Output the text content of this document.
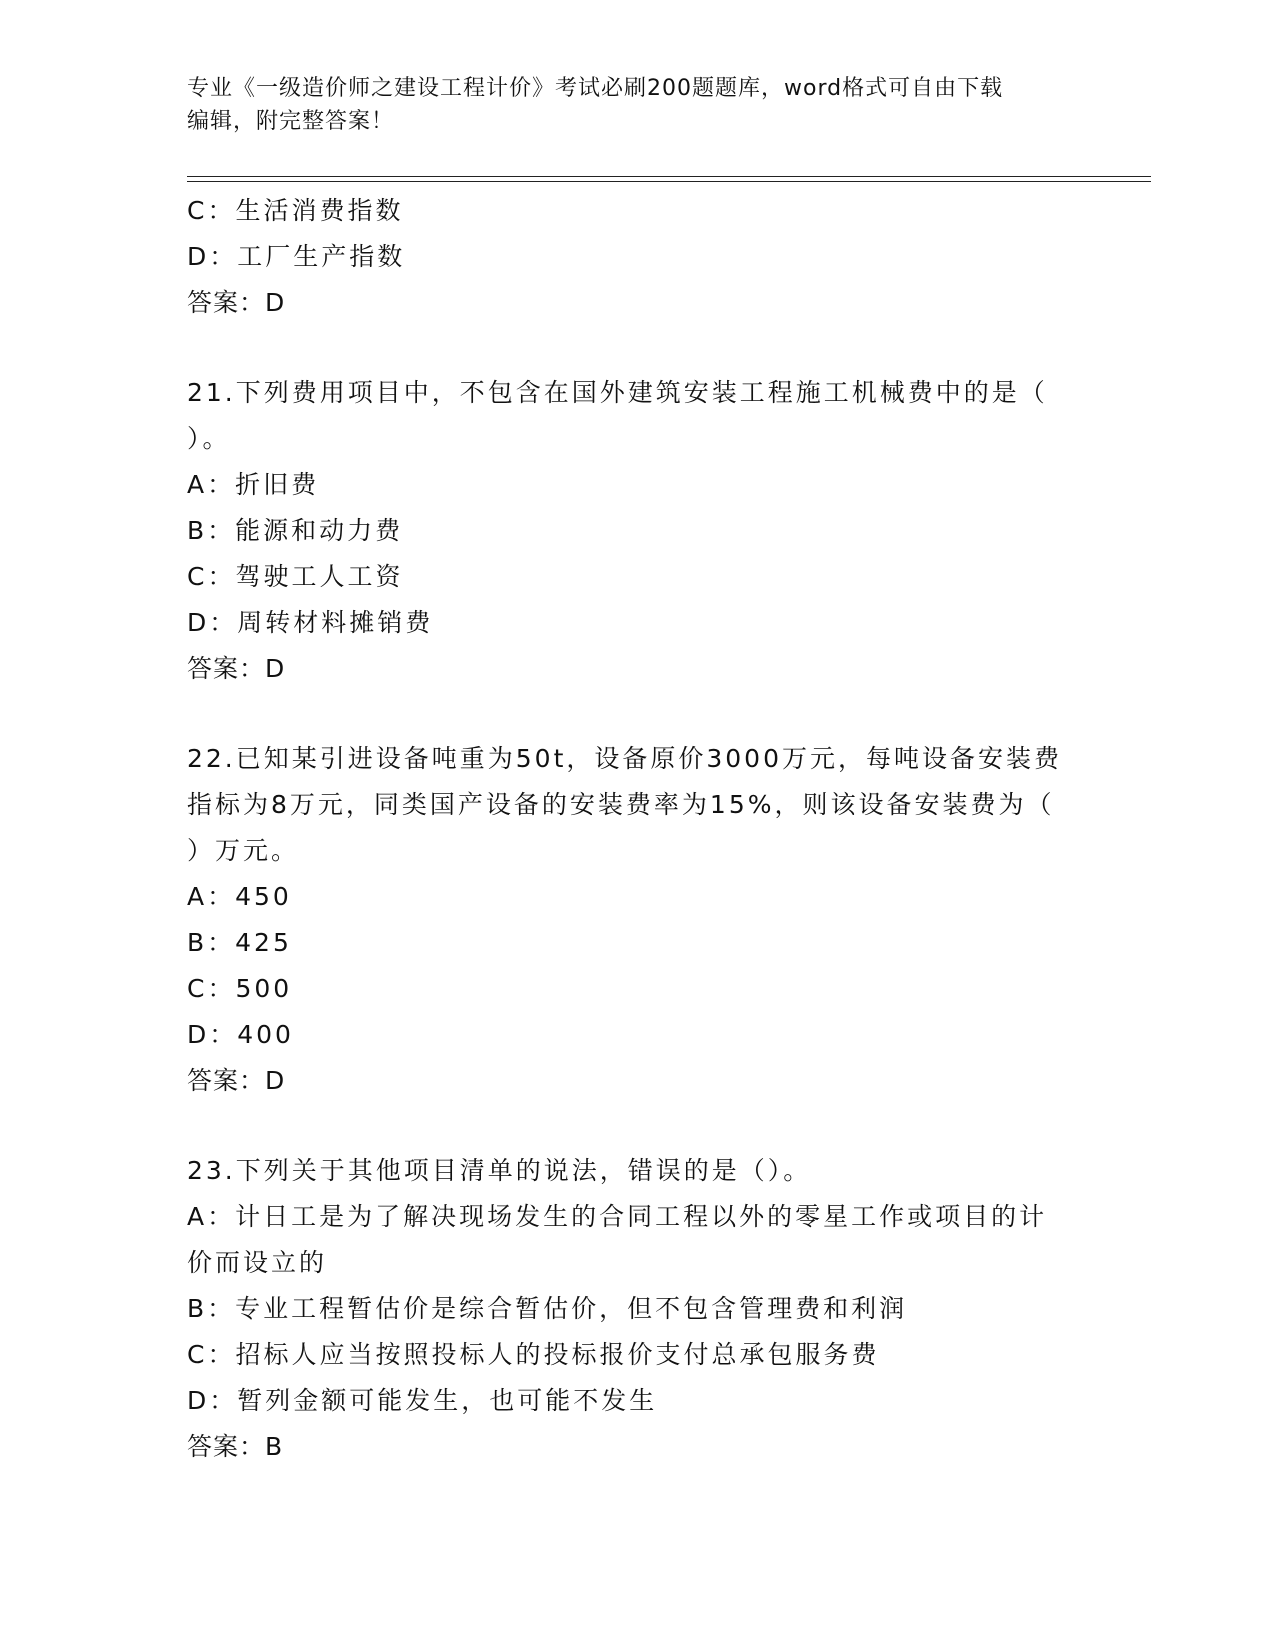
专业《一级造价师之建设工程计价》考试必刷200题题库，word格式可自由下载
编辑，附完整答案！
C：生活消费指数
D：工厂生产指数
答案：D
21.下列费用项目中，不包含在国外建筑安装工程施工机械费中的是（
）。
A：折旧费
B：能源和动力费
C：驾驶工人工资
D：周转材料摊销费
答案：D
22.已知某引进设备吨重为50t，设备原价3000万元，每吨设备安装费
指标为8万元，同类国产设备的安装费率为15%，则该设备安装费为（
）万元。
A：450
B：425
C：500
D：400
答案：D
23.下列关于其他项目清单的说法，错误的是（）。
A：计日工是为了解决现场发生的合同工程以外的零星工作或项目的计
价而设立的
B：专业工程暂估价是综合暂估价，但不包含管理费和利润
C：招标人应当按照投标人的投标报价支付总承包服务费
D：暂列金额可能发生，也可能不发生
答案：B
